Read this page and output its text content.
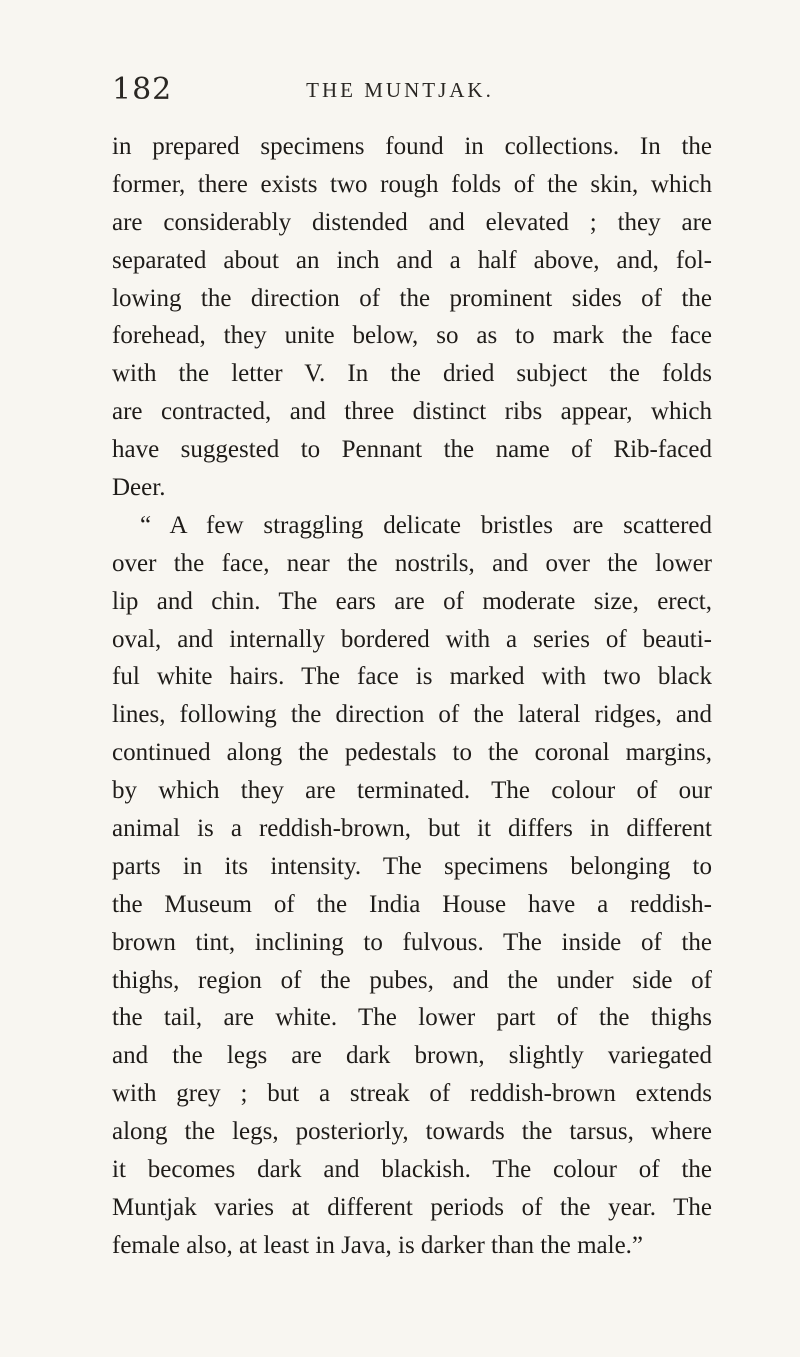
182	THE MUNTJAK.
in prepared specimens found in collections. In the
former, there exists two rough folds of the skin, which
are considerably distended and elevated ; they are
separated about an inch and a half above, and, fol-
lowing the direction of the prominent sides of the
forehead, they unite below, so as to mark the face
with the letter V. In the dried subject the folds
are contracted, and three distinct ribs appear, which
have suggested to Pennant the name of Rib-faced
Deer.
“ A few straggling delicate bristles are scattered
over the face, near the nostrils, and over the lower
lip and chin. The ears are of moderate size, erect,
oval, and internally bordered with a series of beauti-
ful white hairs. The face is marked with two black
lines, following the direction of the lateral ridges, and
continued along the pedestals to the coronal margins,
by which they are terminated. The colour of our
animal is a reddish-brown, but it differs in different
parts in its intensity. The specimens belonging to
the Museum of the India House have a reddish-
brown tint, inclining to fulvous. The inside of the
thighs, region of the pubes, and the under side of
the tail, are white. The lower part of the thighs
and the legs are dark brown, slightly variegated
with grey ; but a streak of reddish-brown extends
along the legs, posteriorly, towards the tarsus, where
it becomes dark and blackish. The colour of the
Muntjak varies at different periods of the year. The
female also, at least in Java, is darker than the male.”
